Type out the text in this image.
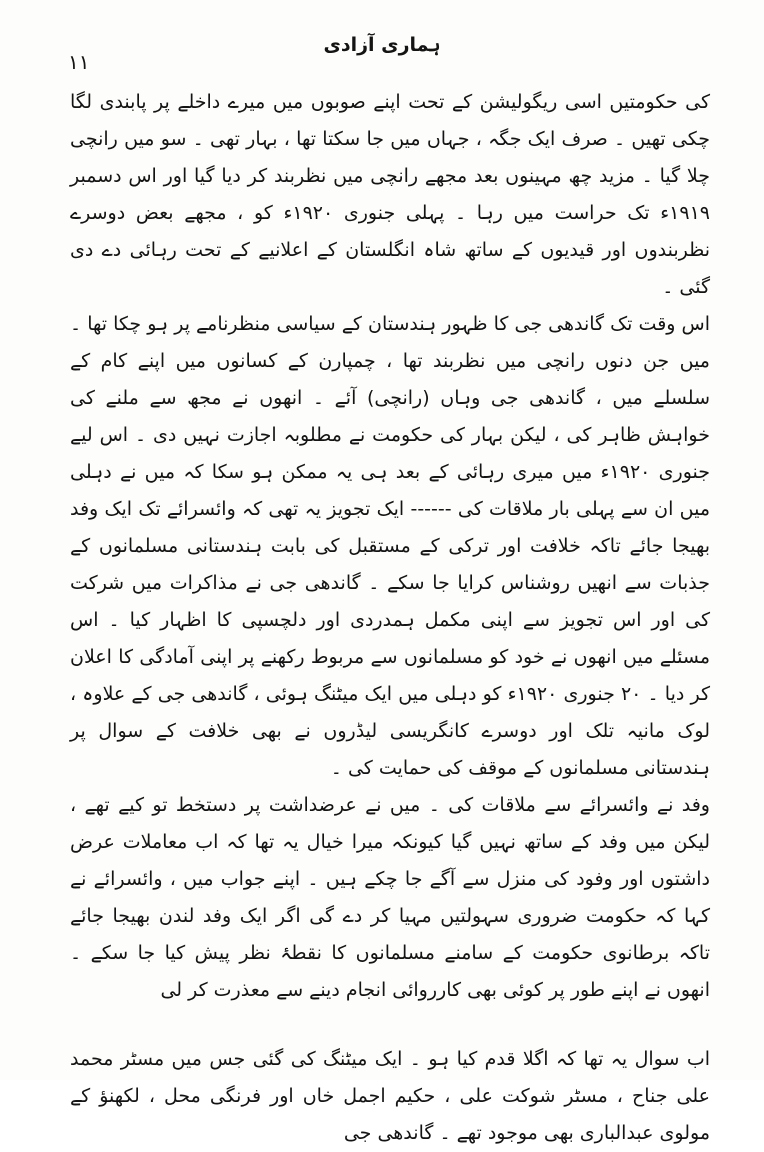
ہماری آزادی
۱۱

کی حکومتیں اسی ریگولیشن کے تحت اپنے صوبوں میں میرے داخلے پر پابندی لگا چکی تھیں ۔ صرف ایک جگہ ، جہاں میں جا سکتا تھا ، بہار تھی ۔ سو میں رانچی چلا گیا ۔ مزید چھ مہینوں بعد مجھے رانچی میں نظربند کر دیا گیا اور اس دسمبر ۱۹۱۹ء تک حراست میں رہا ۔ پہلی جنوری ۱۹۲۰ء کو ، مجھے بعض دوسرے نظربندوں اور قیدیوں کے ساتھ شاہ انگلستان کے اعلانیے کے تحت رہائی دے دی گئی ۔

اس وقت تک گاندھی جی کا ظہور ہندستان کے سیاسی منظرنامے پر ہو چکا تھا ۔ میں جن دنوں رانچی میں نظربند تھا ، چمپارن کے کسانوں میں اپنے کام کے سلسلے میں ، گاندھی جی وہاں (رانچی) آئے ۔ انھوں نے مجھ سے ملنے کی خواہش ظاہر کی ، لیکن بہار کی حکومت نے مطلوبہ اجازت نہیں دی ۔ اس لیے جنوری ۱۹۲۰ء میں میری رہائی کے بعد ہی یہ ممکن ہو سکا کہ میں نے دہلی میں ان سے پہلی بار ملاقات کی ------ ایک تجویز یہ تھی کہ وائسرائے تک ایک وفد بھیجا جائے تاکہ خلافت اور ترکی کے مستقبل کی بابت ہندستانی مسلمانوں کے جذبات سے انھیں روشناس کرایا جا سکے ۔ گاندھی جی نے مذاکرات میں شرکت کی اور اس تجویز سے اپنی مکمل ہمدردی اور دلچسپی کا اظہار کیا ۔ اس مسئلے میں انھوں نے خود کو مسلمانوں سے مربوط رکھنے پر اپنی آمادگی کا اعلان کر دیا ۔ ۲۰ جنوری ۱۹۲۰ء کو دہلی میں ایک میٹنگ ہوئی ، گاندھی جی کے علاوہ ، لوک مانیہ تلک اور دوسرے کانگریسی لیڈروں نے بھی خلافت کے سوال پر ہندستانی مسلمانوں کے موقف کی حمایت کی ۔

وفد نے وائسرائے سے ملاقات کی ۔ میں نے عرضداشت پر دستخط تو کیے تھے ، لیکن میں وفد کے ساتھ نہیں گیا کیونکہ میرا خیال یہ تھا کہ اب معاملات عرض داشتوں اور وفود کی منزل سے آگے جا چکے ہیں ۔ اپنے جواب میں ، وائسرائے نے کہا کہ حکومت ضروری سہولتیں مہیا کر دے گی اگر ایک وفد لندن بھیجا جائے تاکہ برطانوی حکومت کے سامنے مسلمانوں کا نقطۂ نظر پیش کیا جا سکے ۔ انھوں نے اپنے طور پر کوئی بھی کارروائی انجام دینے سے معذرت کر لی

اب سوال یہ تھا کہ اگلا قدم کیا ہو ۔ ایک میٹنگ کی گئی جس میں مسٹر محمد علی جناح ، مسٹر شوکت علی ، حکیم اجمل خاں اور فرنگی محل ، لکھنؤ کے مولوی عبدالباری بھی موجود تھے ۔ گاندھی جی
